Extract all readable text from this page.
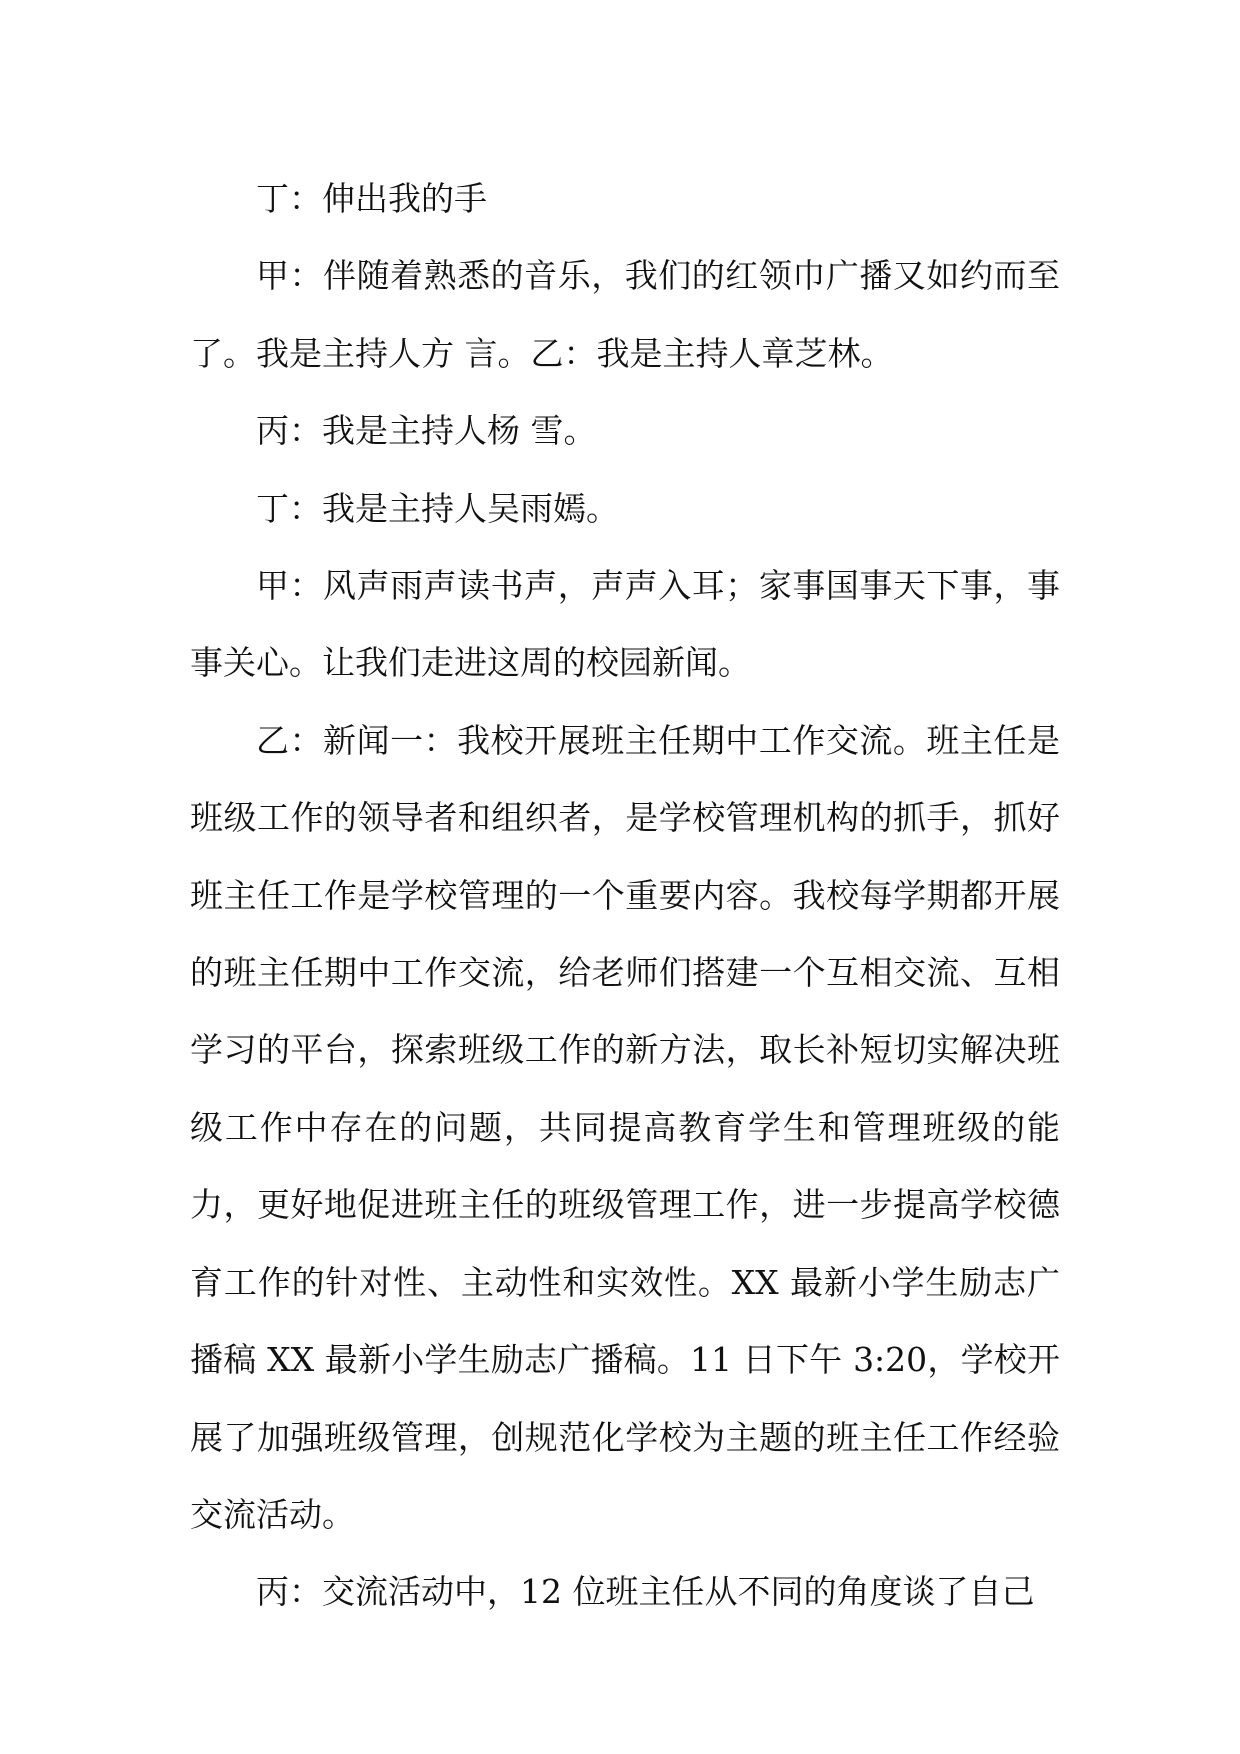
丁：伸出我的手

甲：伴随着熟悉的音乐，我们的红领巾广播又如约而至了。我是主持人方 言。乙：我是主持人章芝林。

丙：我是主持人杨 雪。

丁：我是主持人吴雨嫣。

甲：风声雨声读书声，声声入耳；家事国事天下事，事事关心。让我们走进这周的校园新闻。

乙：新闻一：我校开展班主任期中工作交流。班主任是班级工作的领导者和组织者，是学校管理机构的抓手，抓好班主任工作是学校管理的一个重要内容。我校每学期都开展的班主任期中工作交流，给老师们搭建一个互相交流、互相学习的平台，探索班级工作的新方法，取长补短切实解决班级工作中存在的问题，共同提高教育学生和管理班级的能力，更好地促进班主任的班级管理工作，进一步提高学校德育工作的针对性、主动性和实效性。XX 最新小学生励志广播稿 XX 最新小学生励志广播稿。11 日下午 3:20，学校开展了加强班级管理，创规范化学校为主题的班主任工作经验交流活动。

丙：交流活动中，12 位班主任从不同的角度谈了自己
